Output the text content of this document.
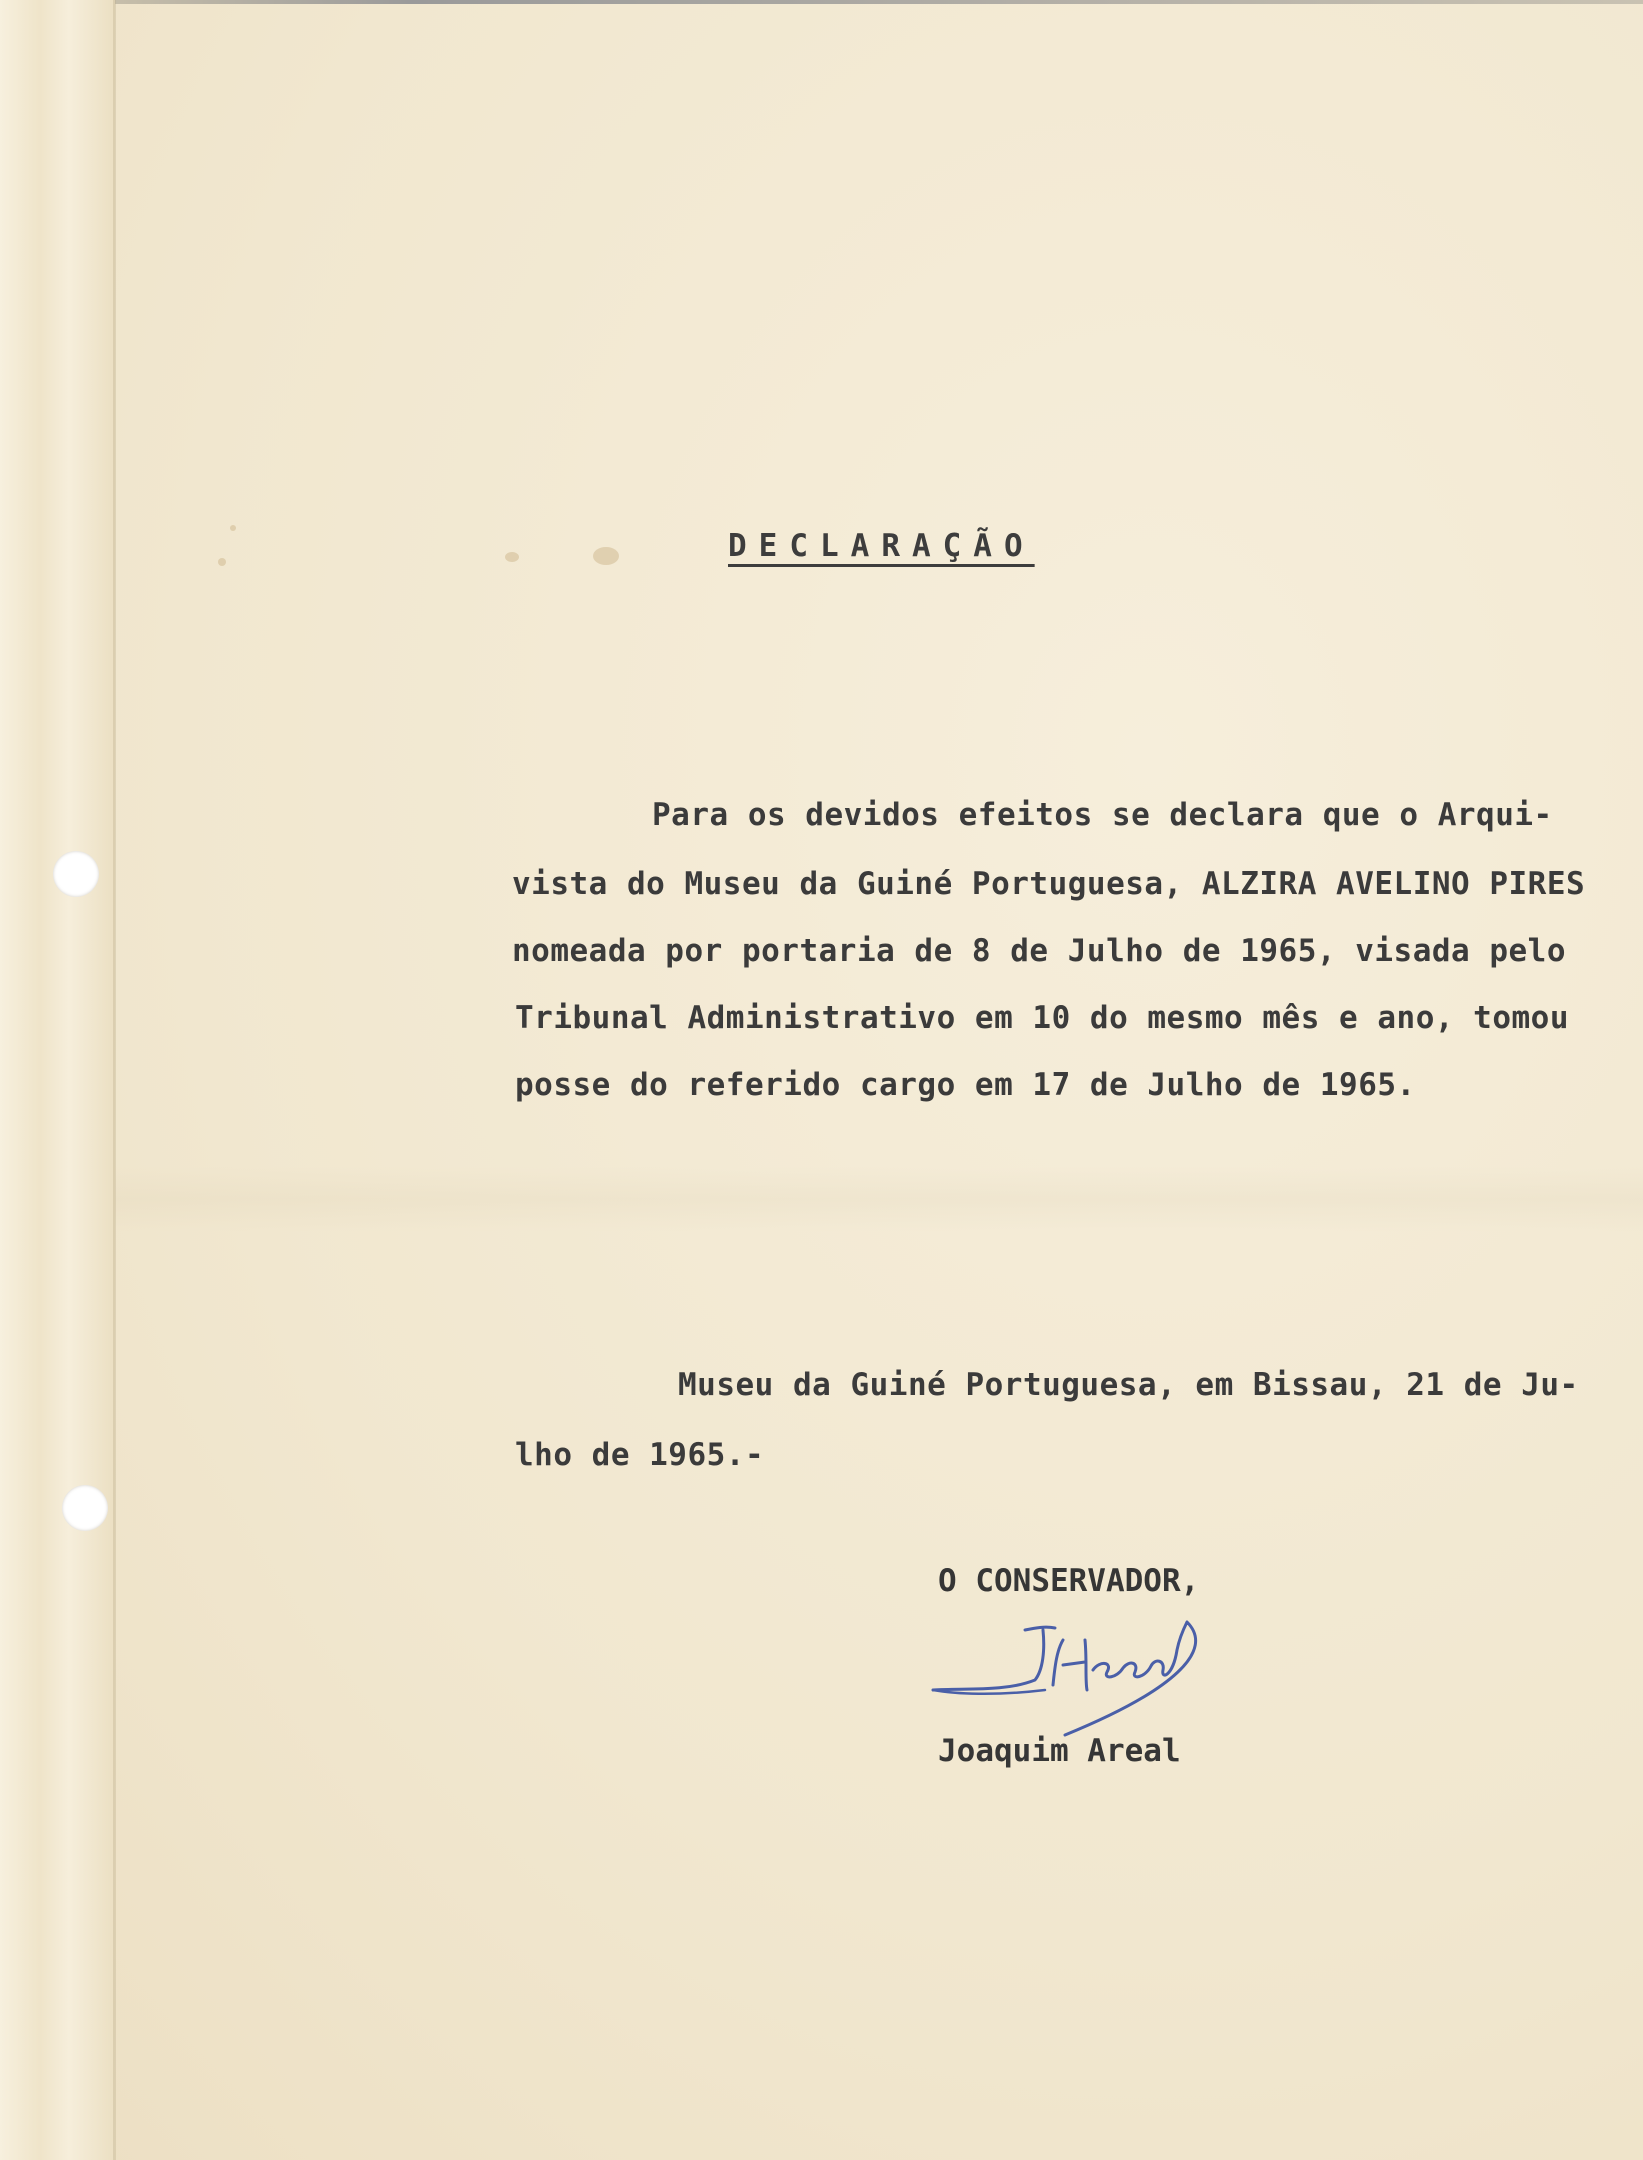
DECLARAÇÃO
Para os devidos efeitos se declara que o Arqui-
vista do Museu da Guiné Portuguesa, ALZIRA AVELINO PIRES
nomeada por portaria de 8 de Julho de 1965, visada pelo
Tribunal Administrativo em 10 do mesmo mês e ano, tomou
posse do referido cargo em 17 de Julho de 1965.
Museu da Guiné Portuguesa, em Bissau, 21 de Ju-
lho de 1965.-
O CONSERVADOR,
Joaquim Areal
